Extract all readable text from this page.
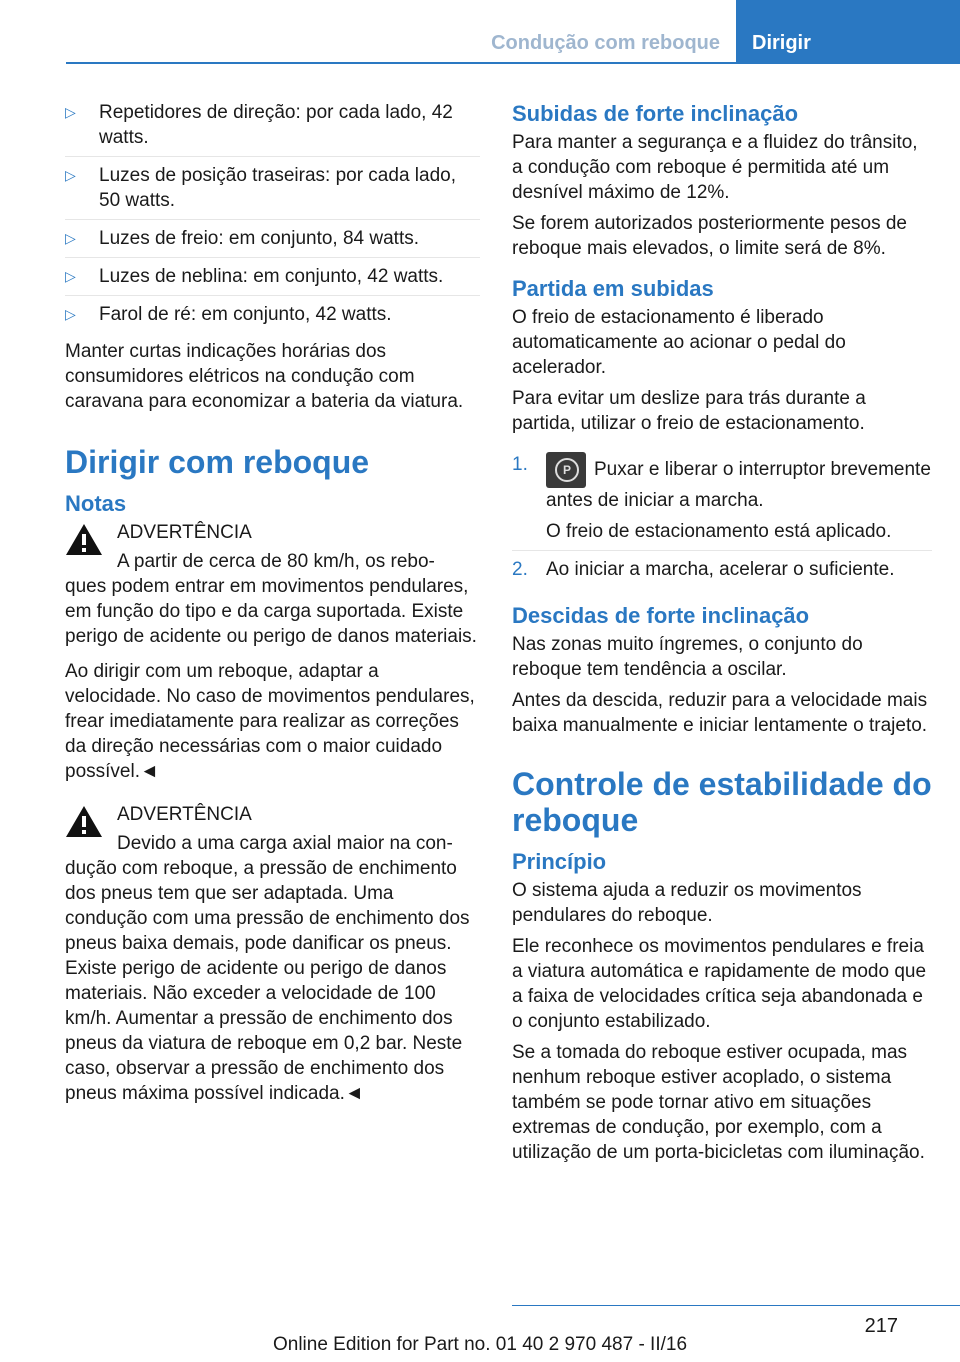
Condução com reboque	Dirigir
▷ Repetidores de direção: por cada lado, 42 watts.
▷ Luzes de posição traseiras: por cada lado, 50 watts.
▷ Luzes de freio: em conjunto, 84 watts.
▷ Luzes de neblina: em conjunto, 42 watts.
▷ Farol de ré: em conjunto, 42 watts.

Manter curtas indicações horárias dos consumidores elétricos na condução com caravana para economizar a bateria da viatura.

Dirigir com reboque
Notas
ADVERTÊNCIA
A partir de cerca de 80 km/h, os rebo-
ques podem entrar em movimentos pendulares, em função do tipo e da carga suportada. Existe perigo de acidente ou perigo de danos materiais.

Ao dirigir com um reboque, adaptar a velocidade. No caso de movimentos pendulares, frear imediatamente para realizar as correções da direção necessárias com o maior cuidado possível.◄

ADVERTÊNCIA
Devido a uma carga axial maior na con-
dução com reboque, a pressão de enchimento dos pneus tem que ser adaptada. Uma condução com uma pressão de enchimento dos pneus baixa demais, pode danificar os pneus. Existe perigo de acidente ou perigo de danos materiais. Não exceder a velocidade de 100 km/h. Aumentar a pressão de enchimento dos pneus da viatura de reboque em 0,2 bar. Neste caso, observar a pressão de enchimento dos pneus máxima possível indicada.◄
Subidas de forte inclinação

Para manter a segurança e a fluidez do trânsito, a condução com reboque é permitida até um desnível máximo de 12%.

Se forem autorizados posteriormente pesos de reboque mais elevados, o limite será de 8%.

Partida em subidas

O freio de estacionamento é liberado automaticamente ao acionar o pedal do acelerador.

Para evitar um deslize para trás durante a partida, utilizar o freio de estacionamento.

1.	P	Puxar e liberar o interruptor brevemente antes de iniciar a marcha.
O freio de estacionamento está aplicado.
2. Ao iniciar a marcha, acelerar o suficiente.
Descidas de forte inclinação

Nas zonas muito íngremes, o conjunto do reboque tem tendência a oscilar.

Antes da descida, reduzir para a velocidade mais baixa manualmente e iniciar lentamente o trajeto.

Controle de estabilidade do reboque
Princípio

O sistema ajuda a reduzir os movimentos pendulares do reboque.

Ele reconhece os movimentos pendulares e freia a viatura automática e rapidamente de modo que a faixa de velocidades crítica seja abandonada e o conjunto estabilizado.

Se a tomada do reboque estiver ocupada, mas nenhum reboque estiver acoplado, o sistema também se pode tornar ativo em situações extremas de condução, por exemplo, com a utilização de um porta-bicicletas com iluminação.

217
Online Edition for Part no. 01 40 2 970 487 - II/16
